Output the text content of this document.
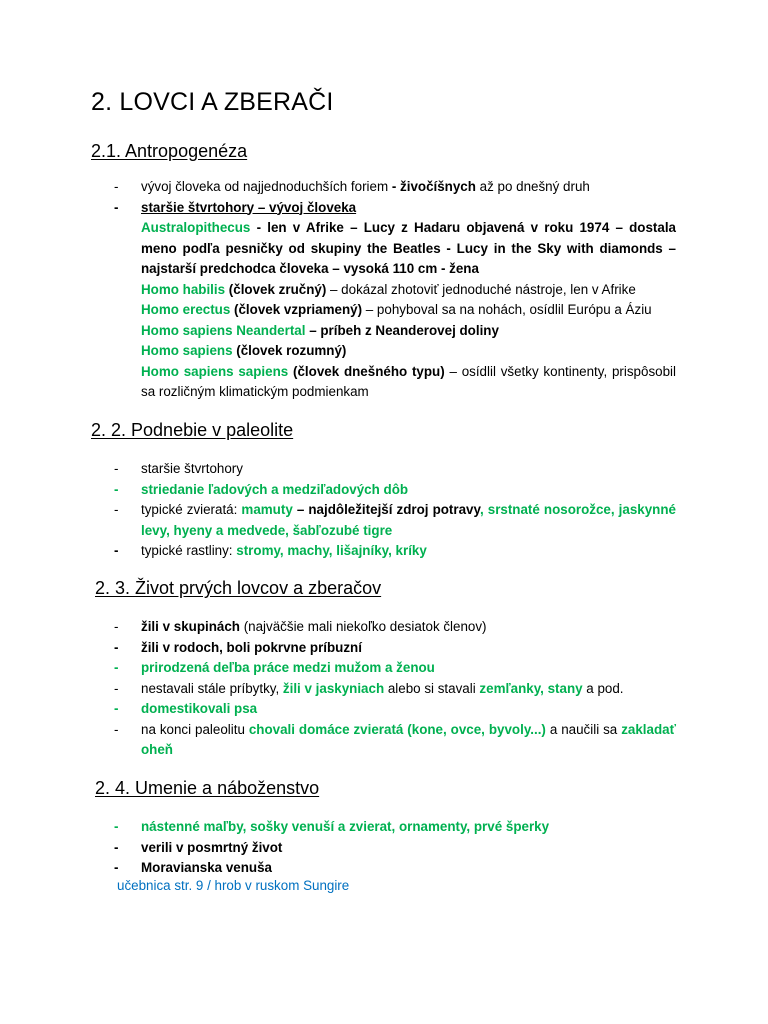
2. LOVCI A ZBERAČI
2.1. Antropogenéza
- vývoj človeka od najjednoduchších foriem - živočíšnych až po dnešný druh
- staršie štvrtohory – vývoj človeka
Australopithecus - len v Afrike – Lucy z Hadaru objavená v roku 1974 – dostala meno podľa pesničky od skupiny the Beatles - Lucy in the Sky with diamonds – najstarší predchodca človeka – vysoká 110 cm - žena
Homo habilis (človek zručný) – dokázal zhotoviť jednoduché nástroje, len v Afrike
Homo erectus (človek vzpriamený) – pohyboval sa na nohách, osídlil Európu a Áziu
Homo sapiens Neandertal – príbeh z Neanderovej doliny
Homo sapiens (človek rozumný)
Homo sapiens sapiens (človek dnešného typu) – osídlil všetky kontinenty, prispôsobil sa rozličným klimatickým podmienkam
2. 2. Podnebie v paleolite
- staršie štvrtohory
- striedanie ľadových a medziľadových dôb
- typické zvieratá: mamuty – najdôležitejší zdroj potravy, srstnaté nosorožce, jaskynné levy, hyeny a medvede, šabľozubé tigre
- typické rastliny: stromy, machy, lišajníky, kríky
2. 3. Život prvých lovcov a zberačov
- žili v skupinách (najväčšie mali niekoľko desiatok členov)
- žili v rodoch, boli pokrvne príbuzní
- prirodzená deľba práce medzi mužom a ženou
- nestavali stále príbytky, žili v jaskyniach alebo si stavali zemľanky, stany a pod.
- domestikovali psa
- na konci paleolitu chovali domáce zvieratá (kone, ovce, byvoly...) a naučili sa zakladať oheň
2. 4. Umenie a náboženstvo
- nástenné maľby, sošky venuší a zvierat, ornamenty, prvé šperky
- verili v posmrtný život
- Moravianska venuša
učebnica str. 9 / hrob v ruskom Sungire
